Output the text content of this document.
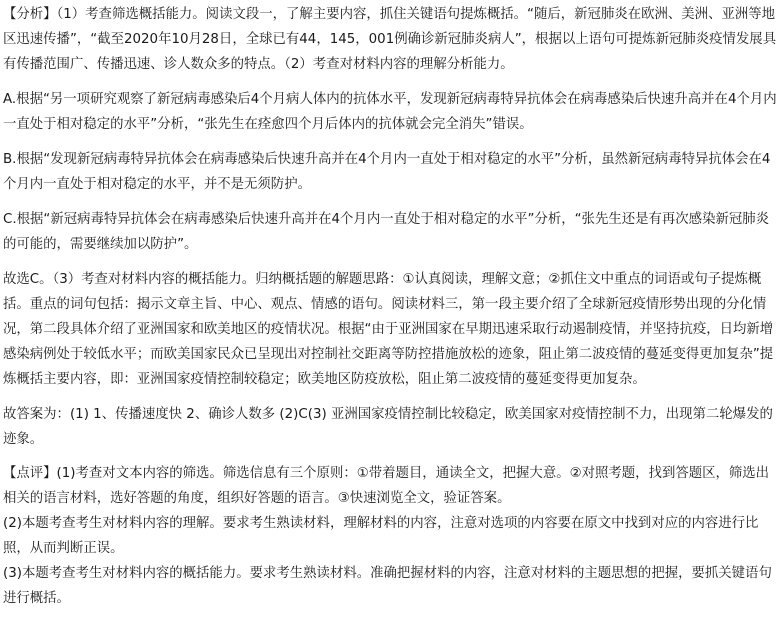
【分析】（1）考查筛选概括能力。阅读文段一，了解主要内容，抓住关键语句提炼概括。“随后，新冠肺炎在欧洲、美洲、亚洲等地区迅速传播”，“截至2020年10月28日，全球已有44，145，001例确诊新冠肺炎病人”，根据以上语句可提炼新冠肺炎疫情发展具有传播范围广、传播迅速、诊人数众多的特点。（2）考查对材料内容的理解分析能力。

A.根据“另一项研究观察了新冠病毒感染后4个月病人体内的抗体水平，发现新冠病毒特异抗体会在病毒感染后快速升高并在4个月内一直处于相对稳定的水平”分析，“张先生在痊愈四个月后体内的抗体就会完全消失”错误。

B.根据“发现新冠病毒特异抗体会在病毒感染后快速升高并在4个月内一直处于相对稳定的水平”分析，虽然新冠病毒特异抗体会在4个月内一直处于相对稳定的水平，并不是无须防护。

C.根据“新冠病毒特异抗体会在病毒感染后快速升高并在4个月内一直处于相对稳定的水平”分析，“张先生还是有再次感染新冠肺炎的可能的，需要继续加以防护”。

故选C。（3）考查对材料内容的概括能力。归纳概括题的解题思路：①认真阅读，理解文意；②抓住文中重点的词语或句子提炼概括。重点的词句包括：揭示文章主旨、中心、观点、情感的语句。阅读材料三，第一段主要介绍了全球新冠疫情形势出现的分化情况，第二段具体介绍了亚洲国家和欧美地区的疫情状况。根据“由于亚洲国家在早期迅速采取行动遏制疫情，并坚持抗疫，日均新增感染病例处于较低水平；而欧美国家民众已呈现出对控制社交距离等防控措施放松的迹象，阻止第二波疫情的蔓延变得更加复杂”提炼概括主要内容，即：亚洲国家疫情控制较稳定；欧美地区防疫放松，阻止第二波疫情的蔓延变得更加复杂。

故答案为：(1) 1、传播速度快 2、确诊人数多 (2)C(3) 亚洲国家疫情控制比较稳定，欧美国家对疫情控制不力，出现第二轮爆发的迹象。

【点评】(1)考查对文本内容的筛选。筛选信息有三个原则：①带着题目，通读全文，把握大意。②对照考题，找到答题区，筛选出相关的语言材料，选好答题的角度，组织好答题的语言。③快速浏览全文，验证答案。

(2)本题考查考生对材料内容的理解。要求考生熟读材料，理解材料的内容，注意对选项的内容要在原文中找到对应的内容进行比照，从而判断正误。

(3)本题考查考生对材料内容的概括能力。要求考生熟读材料。准确把握材料的内容，注意对材料的主题思想的把握，要抓关键语句进行概括。
